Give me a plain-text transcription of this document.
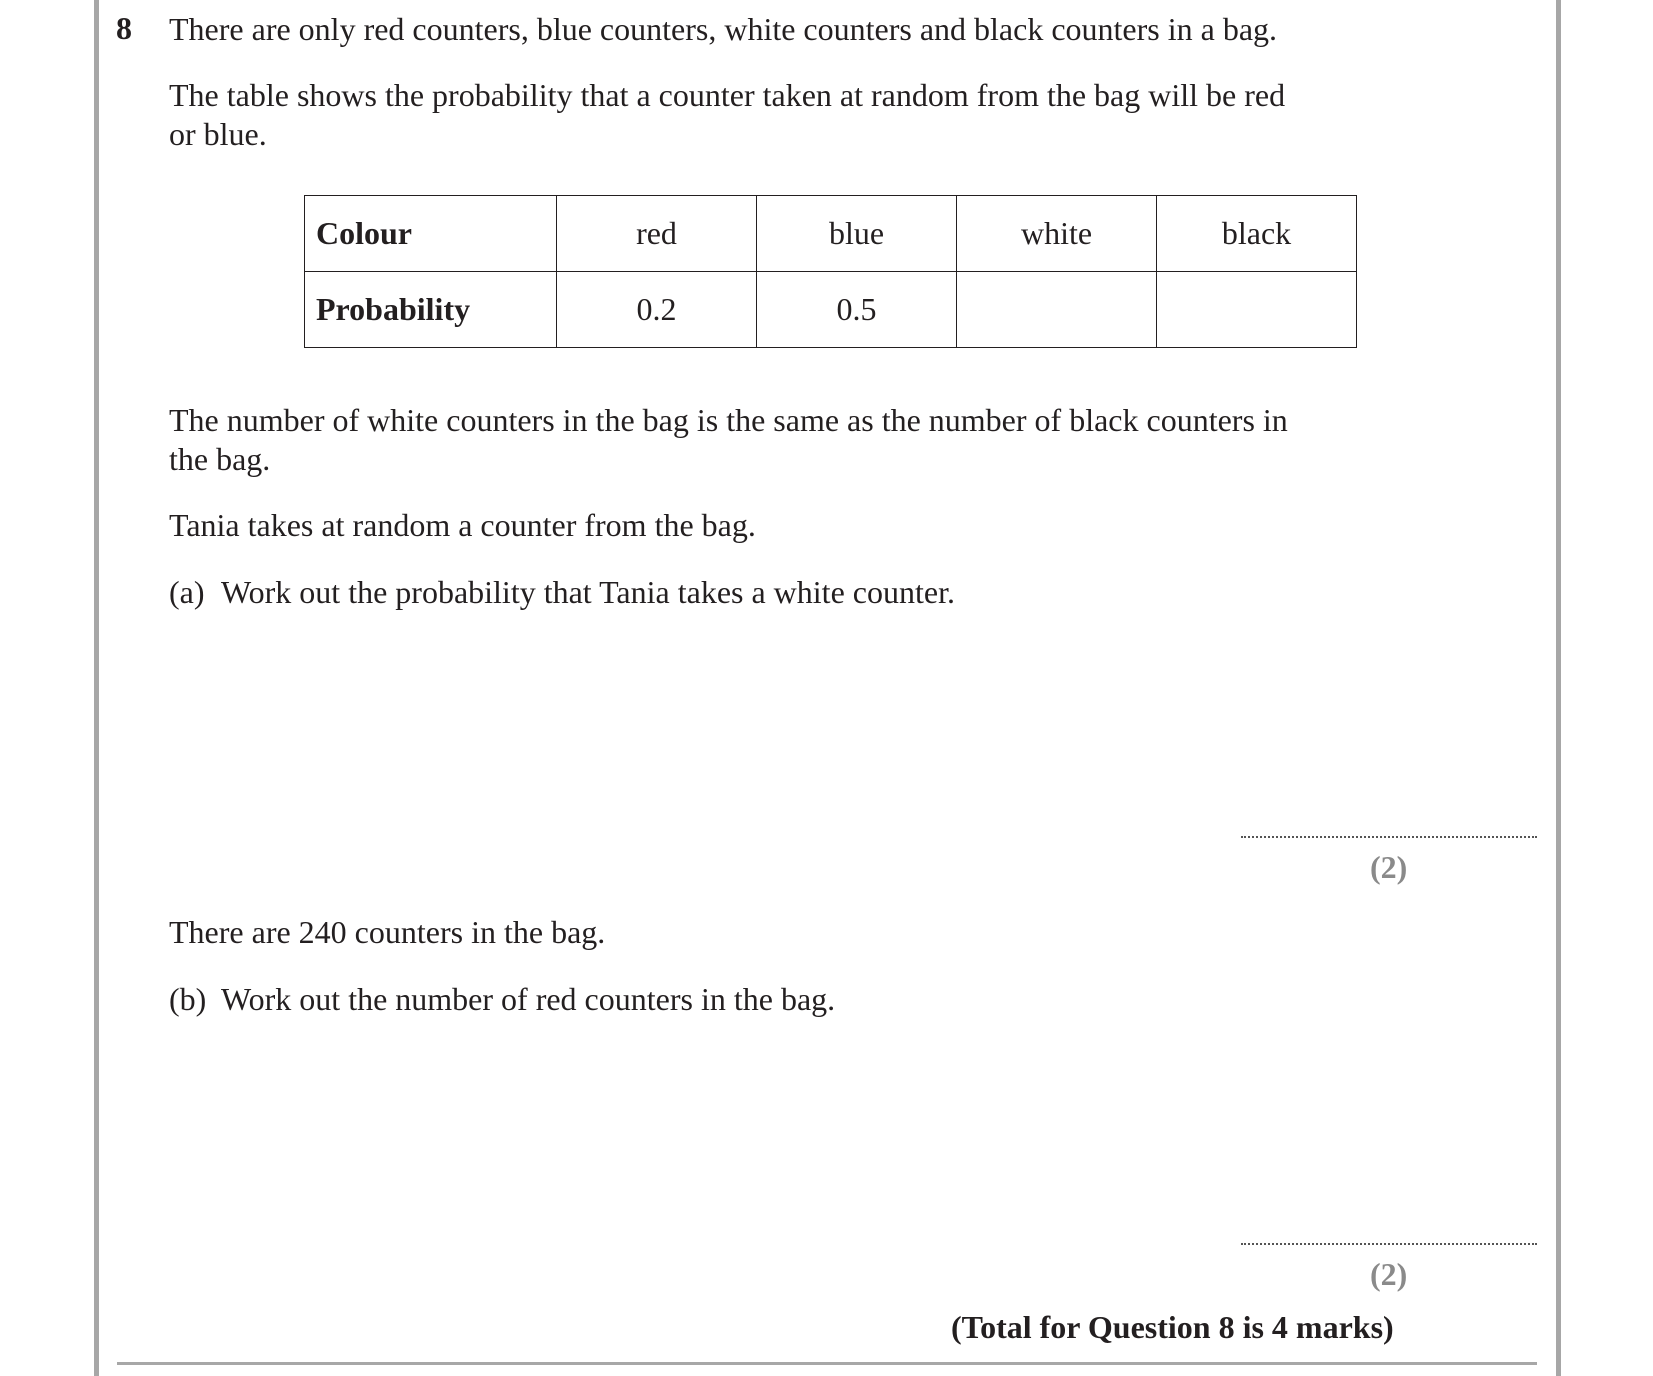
8 There are only red counters, blue counters, white counters and black counters in a bag.
The table shows the probability that a counter taken at random from the bag will be red
or blue.
Colour	red	blue	white	black
Probability	0.2	0.5		
The number of white counters in the bag is the same as the number of black counters in
the bag.
Tania takes at random a counter from the bag.
(a) Work out the probability that Tania takes a white counter.
(2)
There are 240 counters in the bag.
(b) Work out the number of red counters in the bag.
(2)
(Total for Question 8 is 4 marks)
